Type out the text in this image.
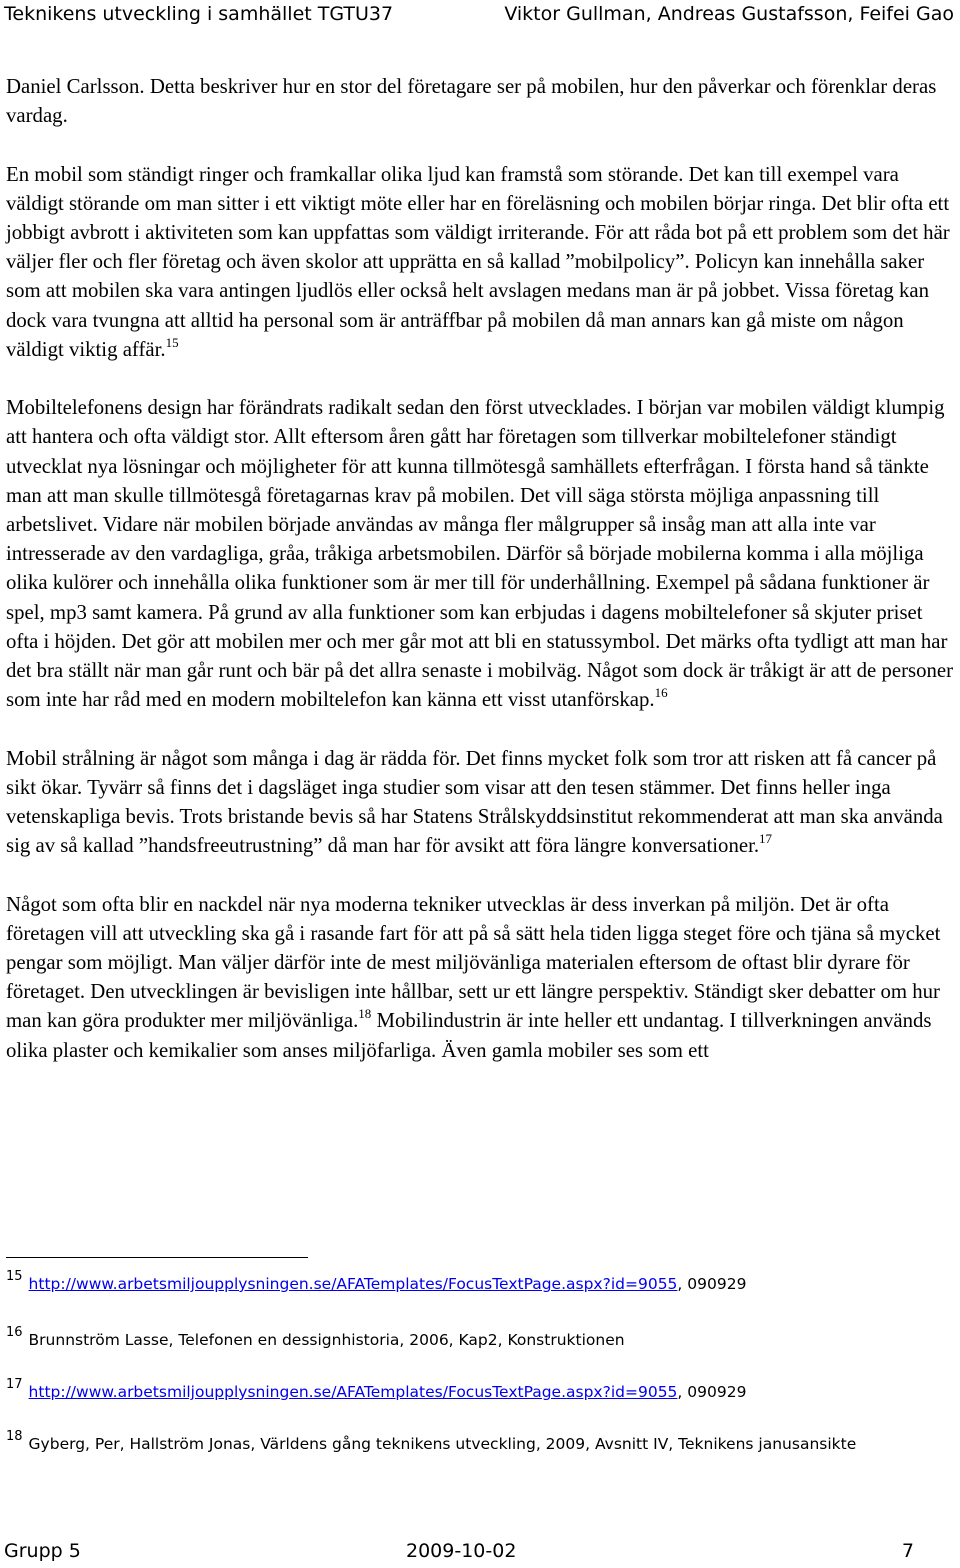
Teknikens utveckling i samhället TGTU37	Viktor Gullman, Andreas Gustafsson, Feifei Gao

Daniel Carlsson. Detta beskriver hur en stor del företagare ser på mobilen, hur den påverkar och förenklar deras vardag.

En mobil som ständigt ringer och framkallar olika ljud kan framstå som störande. Det kan till exempel vara väldigt störande om man sitter i ett viktigt möte eller har en föreläsning och mobilen börjar ringa. Det blir ofta ett jobbigt avbrott i aktiviteten som kan uppfattas som väldigt irriterande. För att råda bot på ett problem som det här väljer fler och fler företag och även skolor att upprätta en så kallad ”mobilpolicy”. Policyn kan innehålla saker som att mobilen ska vara antingen ljudlös eller också helt avslagen medans man är på jobbet. Vissa företag kan dock vara tvungna att alltid ha personal som är anträffbar på mobilen då man annars kan gå miste om någon väldigt viktig affär.$^{15}$

Mobiltelefonens design har förändrats radikalt sedan den först utvecklades. I början var mobilen väldigt klumpig att hantera och ofta väldigt stor. Allt eftersom åren gått har företagen som tillverkar mobiltelefoner ständigt utvecklat nya lösningar och möjligheter för att kunna tillmötesgå samhällets efterfrågan. I första hand så tänkte man att man skulle tillmötesgå företagarnas krav på mobilen. Det vill säga största möjliga anpassning till arbetslivet. Vidare när mobilen började användas av många fler målgrupper så insåg man att alla inte var intresserade av den vardagliga, gråa, tråkiga arbetsmobilen. Därför så började mobilerna komma i alla möjliga olika kulörer och innehålla olika funktioner som är mer till för underhållning. Exempel på sådana funktioner är spel, mp3 samt kamera. På grund av alla funktioner som kan erbjudas i dagens mobiltelefoner så skjuter priset ofta i höjden. Det gör att mobilen mer och mer går mot att bli en statussymbol. Det märks ofta tydligt att man har det bra ställt när man går runt och bär på det allra senaste i mobilväg. Något som dock är tråkigt är att de personer som inte har råd med en modern mobiltelefon kan känna ett visst utanförskap.$^{16}$

Mobil strålning är något som många i dag är rädda för. Det finns mycket folk som tror att risken att få cancer på sikt ökar. Tyvärr så finns det i dagsläget inga studier som visar att den tesen stämmer. Det finns heller inga vetenskapliga bevis. Trots bristande bevis så har Statens Strålskyddsinstitut rekommenderat att man ska använda sig av så kallad ”handsfreeutrustning” då man har för avsikt att föra längre konversationer.$^{17}$

Något som ofta blir en nackdel när nya moderna tekniker utvecklas är dess inverkan på miljön. Det är ofta företagen vill att utveckling ska gå i rasande fart för att på så sätt hela tiden ligga steget före och tjäna så mycket pengar som möjligt. Man väljer därför inte de mest miljövänliga materialen eftersom de oftast blir dyrare för företaget. Den utvecklingen är bevisligen inte hållbar, sett ur ett längre perspektiv. Ständigt sker debatter om hur man kan göra produkter mer miljövänliga.$^{18}$ Mobilindustrin är inte heller ett undantag. I tillverkningen används olika plaster och kemikalier som anses miljöfarliga. Även gamla mobiler ses som ett

$^{15}$ http://www.arbetsmiljoupplysningen.se/AFATemplates/FocusTextPage.aspx?id=9055, 090929
$^{16}$ Brunnström Lasse, Telefonen en dessignhistoria, 2006, Kap2, Konstruktionen
$^{17}$ http://www.arbetsmiljoupplysningen.se/AFATemplates/FocusTextPage.aspx?id=9055, 090929
$^{18}$ Gyberg, Per, Hallström Jonas, Världens gång teknikens utveckling, 2009, Avsnitt IV, Teknikens janusansikte
Grupp 5	2009-10-02	7
